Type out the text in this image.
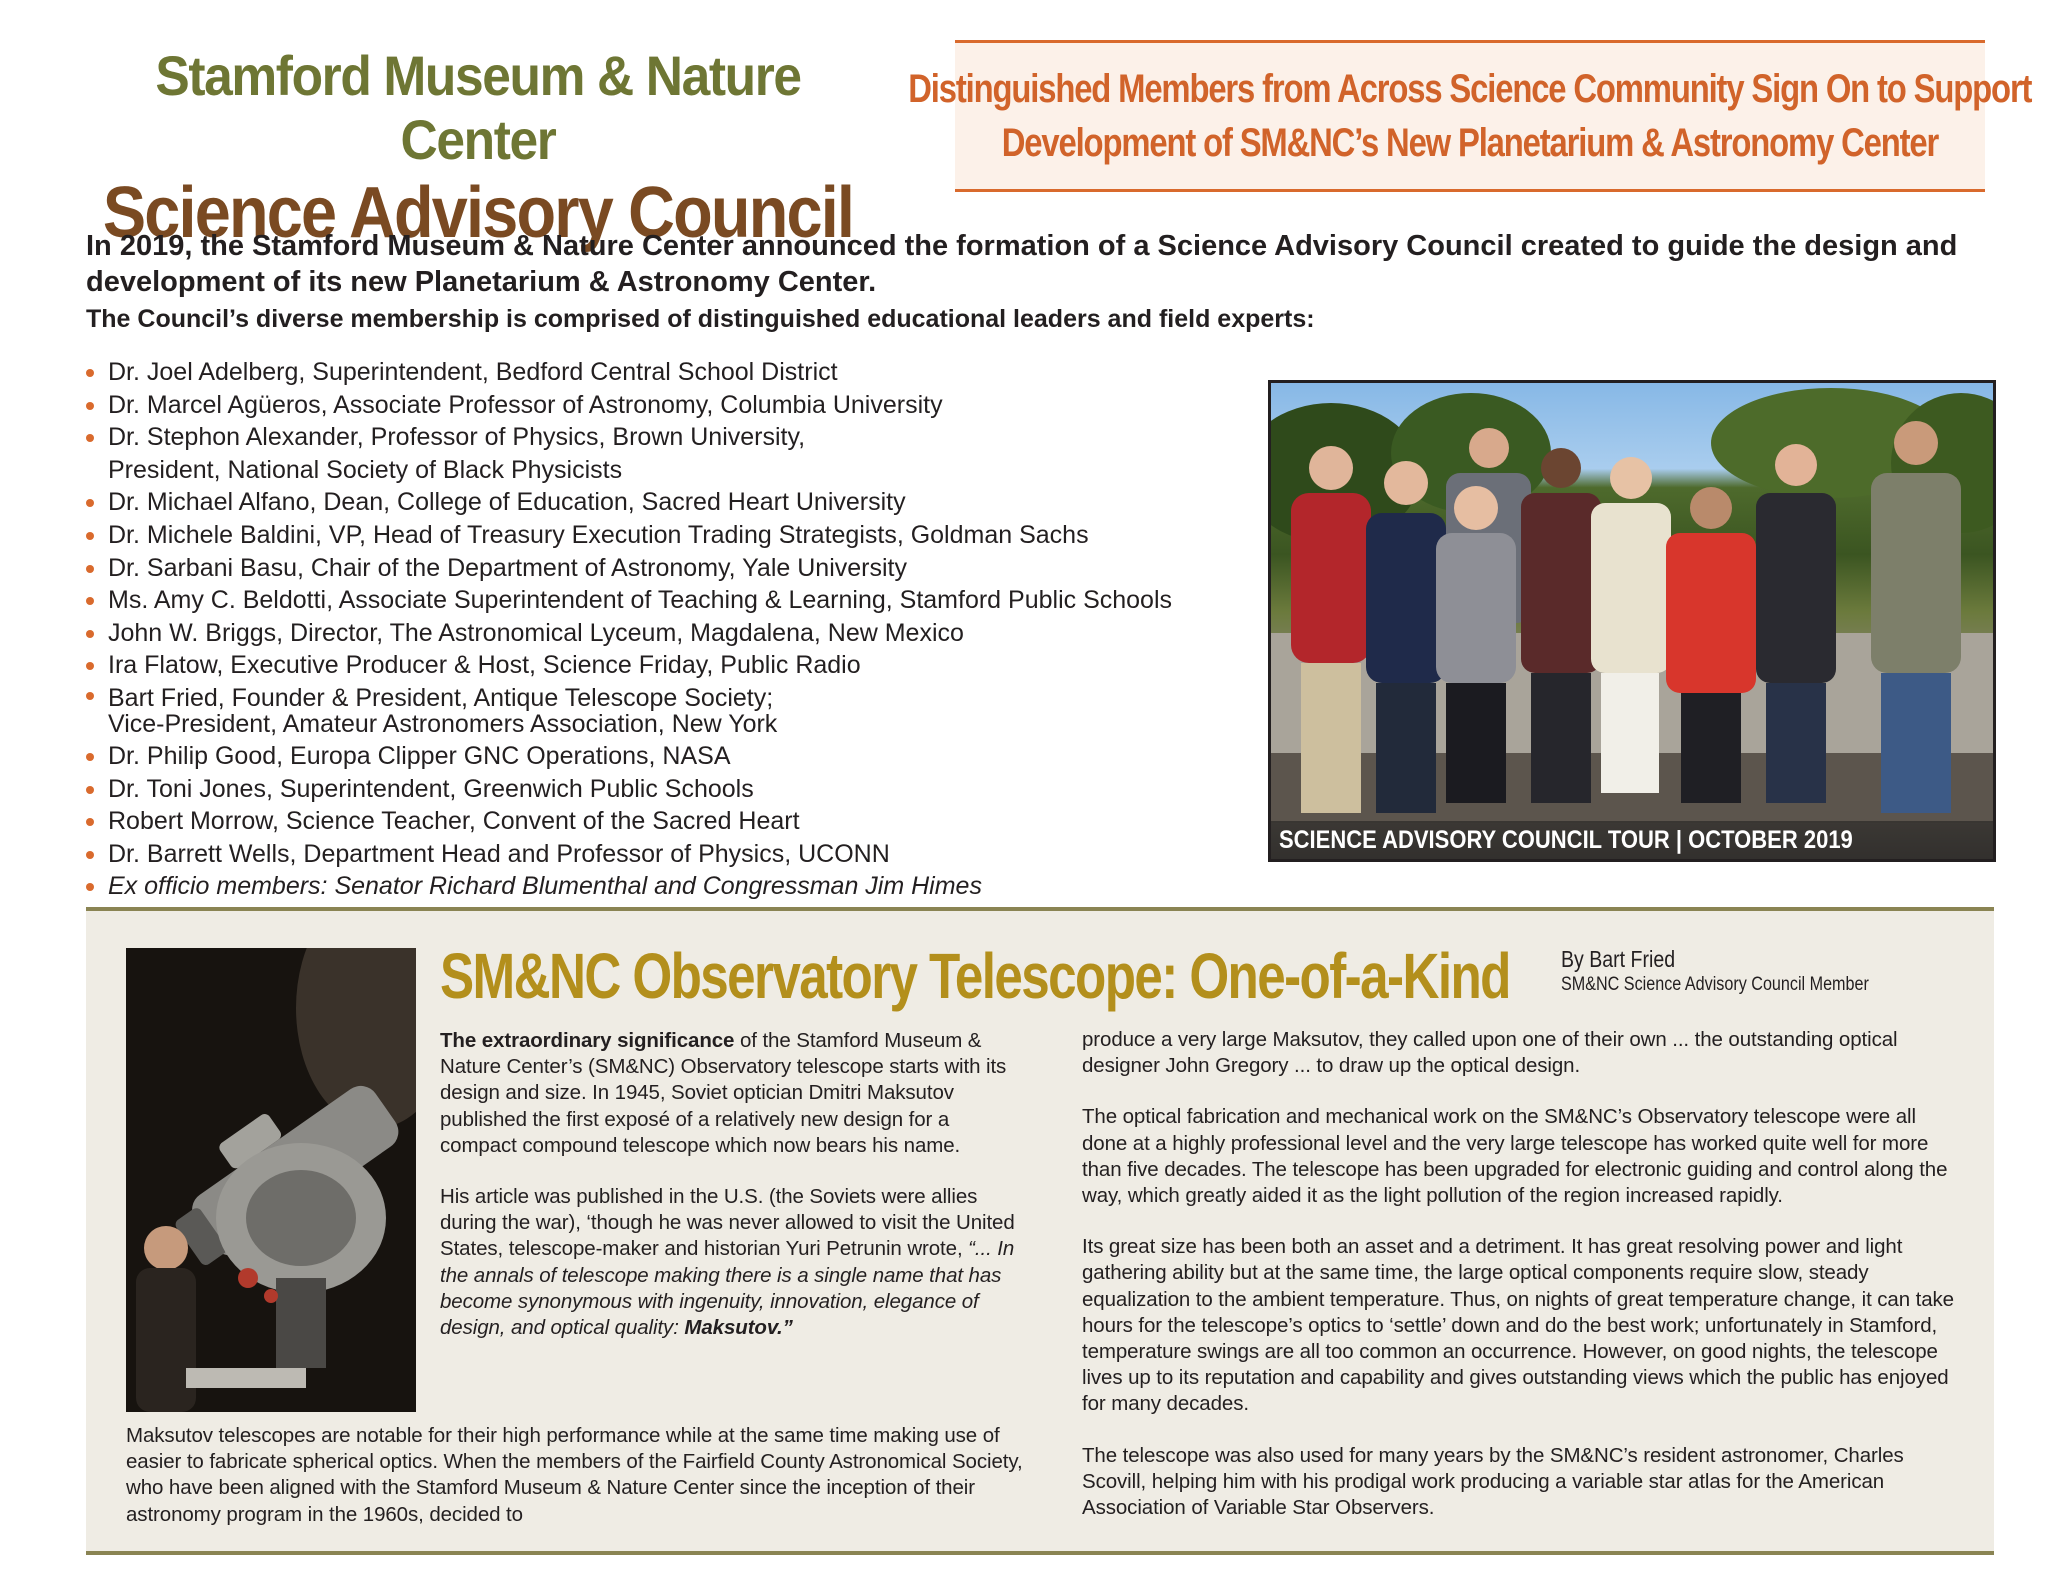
Stamford Museum & Nature Center
Science Advisory Council
Distinguished Members from Across Science Community Sign On to Support
Development of SM&NC’s New Planetarium & Astronomy Center
In 2019, the Stamford Museum & Nature Center announced the formation of a Science Advisory Council created to guide the design and development of its new Planetarium & Astronomy Center.
The Council’s diverse membership is comprised of distinguished educational leaders and field experts:
Dr. Joel Adelberg, Superintendent, Bedford Central School District
Dr. Marcel Agüeros, Associate Professor of Astronomy, Columbia University
Dr. Stephon Alexander, Professor of Physics, Brown University,
President, National Society of Black Physicists
Dr. Michael Alfano, Dean, College of Education, Sacred Heart University
Dr. Michele Baldini, VP, Head of Treasury Execution Trading Strategists, Goldman Sachs
Dr. Sarbani Basu, Chair of the Department of Astronomy, Yale University
Ms. Amy C. Beldotti, Associate Superintendent of Teaching & Learning, Stamford Public Schools
John W. Briggs, Director, The Astronomical Lyceum, Magdalena, New Mexico
Ira Flatow, Executive Producer & Host, Science Friday, Public Radio
Bart Fried, Founder & President, Antique Telescope Society;
Vice-President, Amateur Astronomers Association, New York
Dr. Philip Good, Europa Clipper GNC Operations, NASA
Dr. Toni Jones, Superintendent, Greenwich Public Schools
Robert Morrow, Science Teacher, Convent of the Sacred Heart
Dr. Barrett Wells, Department Head and Professor of Physics, UCONN
Ex officio members: Senator Richard Blumenthal and Congressman Jim Himes
SCIENCE ADVISORY COUNCIL TOUR | OCTOBER 2019
SM&NC Observatory Telescope: One-of-a-Kind By Bart Fried
SM&NC Science Advisory Council Member

The extraordinary significance of the Stamford Museum & Nature Center’s (SM&NC) Observatory telescope starts with its design and size. In 1945, Soviet optician Dmitri Maksutov published the first exposé of a relatively new design for a compact compound telescope which now bears his name.

His article was published in the U.S. (the Soviets were allies during the war), ‘though he was never allowed to visit the United States, telescope-maker and historian Yuri Petrunin wrote, “... In the annals of telescope making there is a single name that has become synonymous with ingenuity, innovation, elegance of design, and optical quality: Maksutov.”

Maksutov telescopes are notable for their high performance while at the same time making use of easier to fabricate spherical optics. When the members of the Fairfield County Astronomical Society, who have been aligned with the Stamford Museum & Nature Center since the inception of their astronomy program in the 1960s, decided to

produce a very large Maksutov, they called upon one of their own ... the outstanding optical designer John Gregory ... to draw up the optical design.

The optical fabrication and mechanical work on the SM&NC’s Observatory telescope were all done at a highly professional level and the very large telescope has worked quite well for more than five decades. The telescope has been upgraded for electronic guiding and control along the way, which greatly aided it as the light pollution of the region increased rapidly.

Its great size has been both an asset and a detriment. It has great resolving power and light gathering ability but at the same time, the large optical components require slow, steady equalization to the ambient temperature. Thus, on nights of great temperature change, it can take hours for the telescope’s optics to ‘settle’ down and do the best work; unfortunately in Stamford, temperature swings are all too common an occurrence. However, on good nights, the telescope lives up to its reputation and capability and gives outstanding views which the public has enjoyed for many decades.

The telescope was also used for many years by the SM&NC’s resident astronomer, Charles Scovill, helping him with his prodigal work producing a variable star atlas for the American Association of Variable Star Observers.
